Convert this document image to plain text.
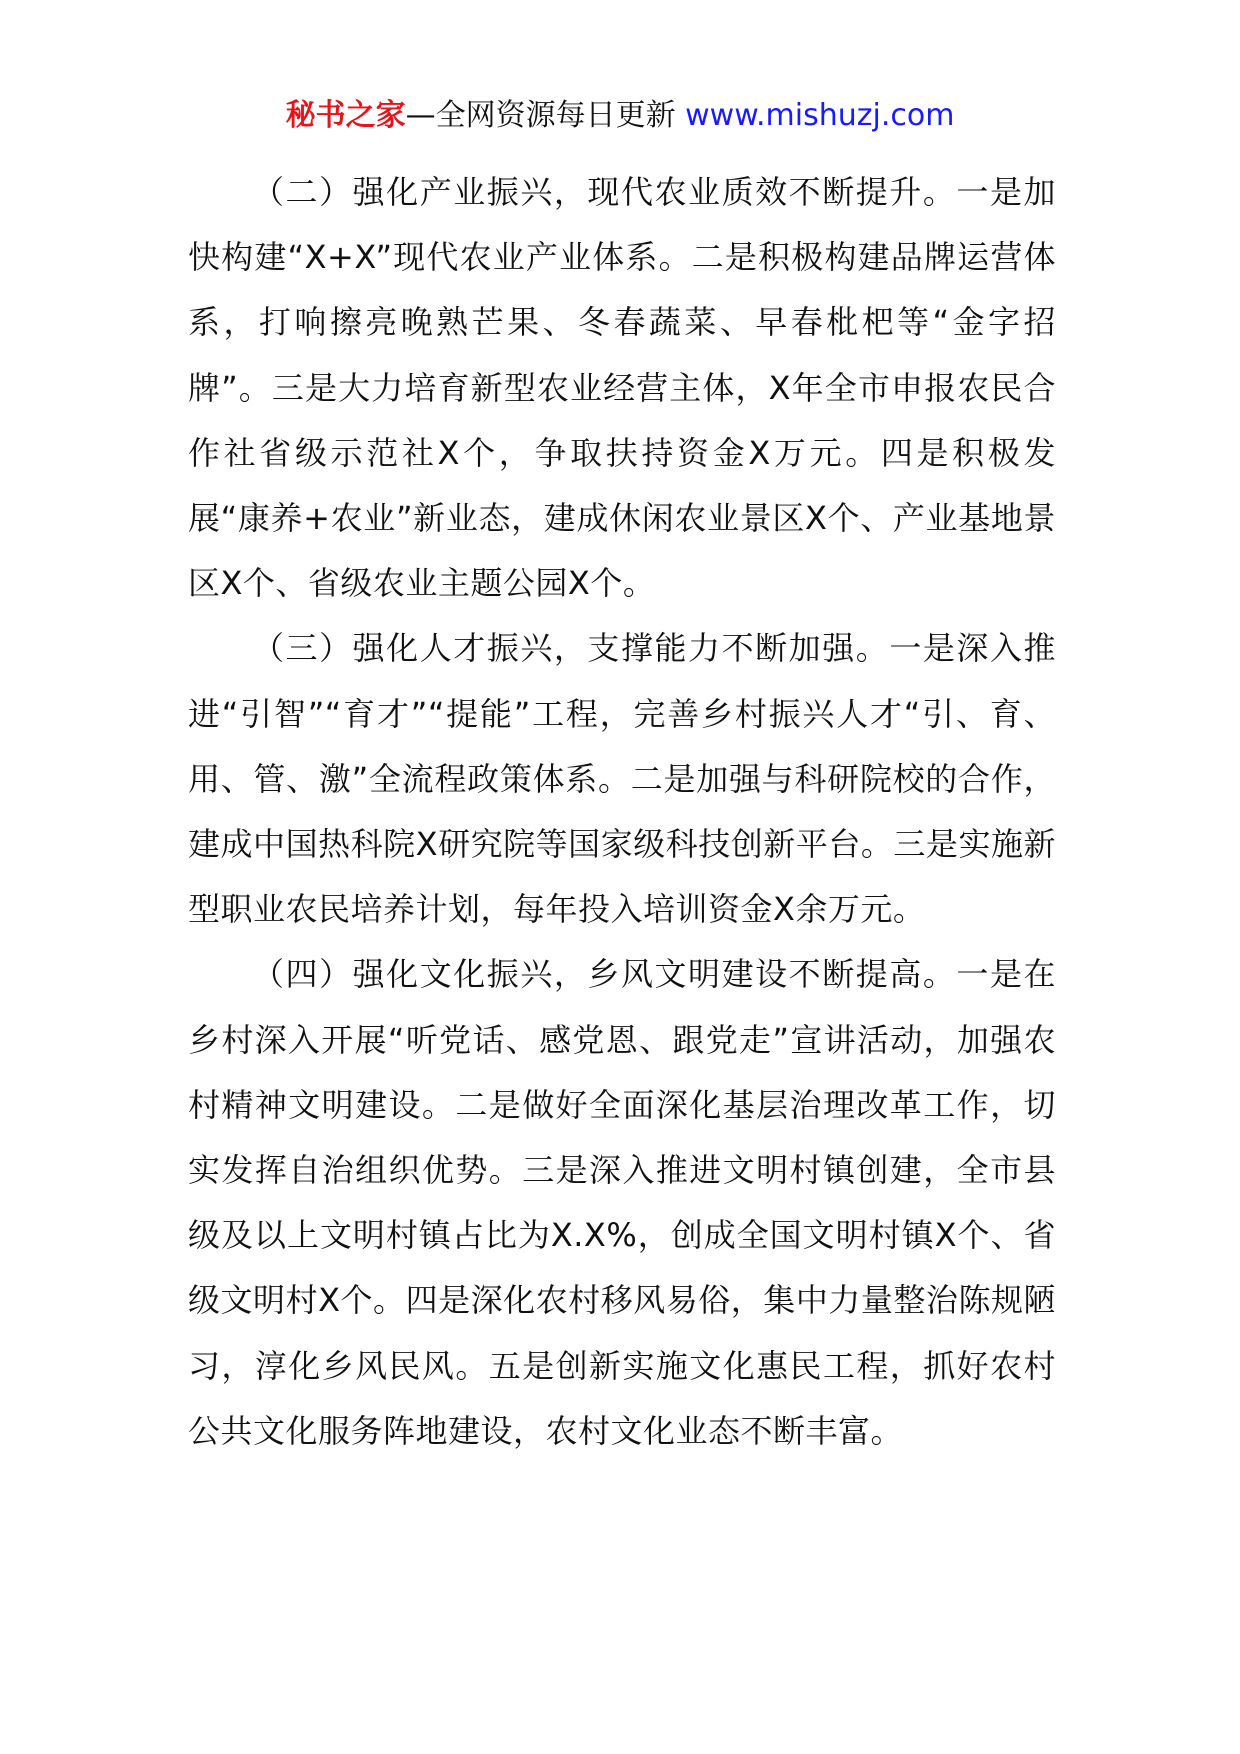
秘书之家—全网资源每日更新 www.mishuzj.com

（二）强化产业振兴，现代农业质效不断提升。一是加快构建“X+X”现代农业产业体系。二是积极构建品牌运营体系，打响擦亮晚熟芒果、冬春蔬菜、早春枇杷等“金字招牌”。三是大力培育新型农业经营主体，X年全市申报农民合作社省级示范社X个，争取扶持资金X万元。四是积极发展“康养+农业”新业态，建成休闲农业景区X个、产业基地景区X个、省级农业主题公园X个。

（三）强化人才振兴，支撑能力不断加强。一是深入推进“引智”“育才”“提能”工程，完善乡村振兴人才“引、育、用、管、激”全流程政策体系。二是加强与科研院校的合作，建成中国热科院X研究院等国家级科技创新平台。三是实施新型职业农民培养计划，每年投入培训资金X余万元。

（四）强化文化振兴，乡风文明建设不断提高。一是在乡村深入开展“听党话、感党恩、跟党走”宣讲活动，加强农村精神文明建设。二是做好全面深化基层治理改革工作，切实发挥自治组织优势。三是深入推进文明村镇创建，全市县级及以上文明村镇占比为X.X%，创成全国文明村镇X个、省级文明村X个。四是深化农村移风易俗，集中力量整治陈规陋习，淳化乡风民风。五是创新实施文化惠民工程，抓好农村公共文化服务阵地建设，农村文化业态不断丰富。
